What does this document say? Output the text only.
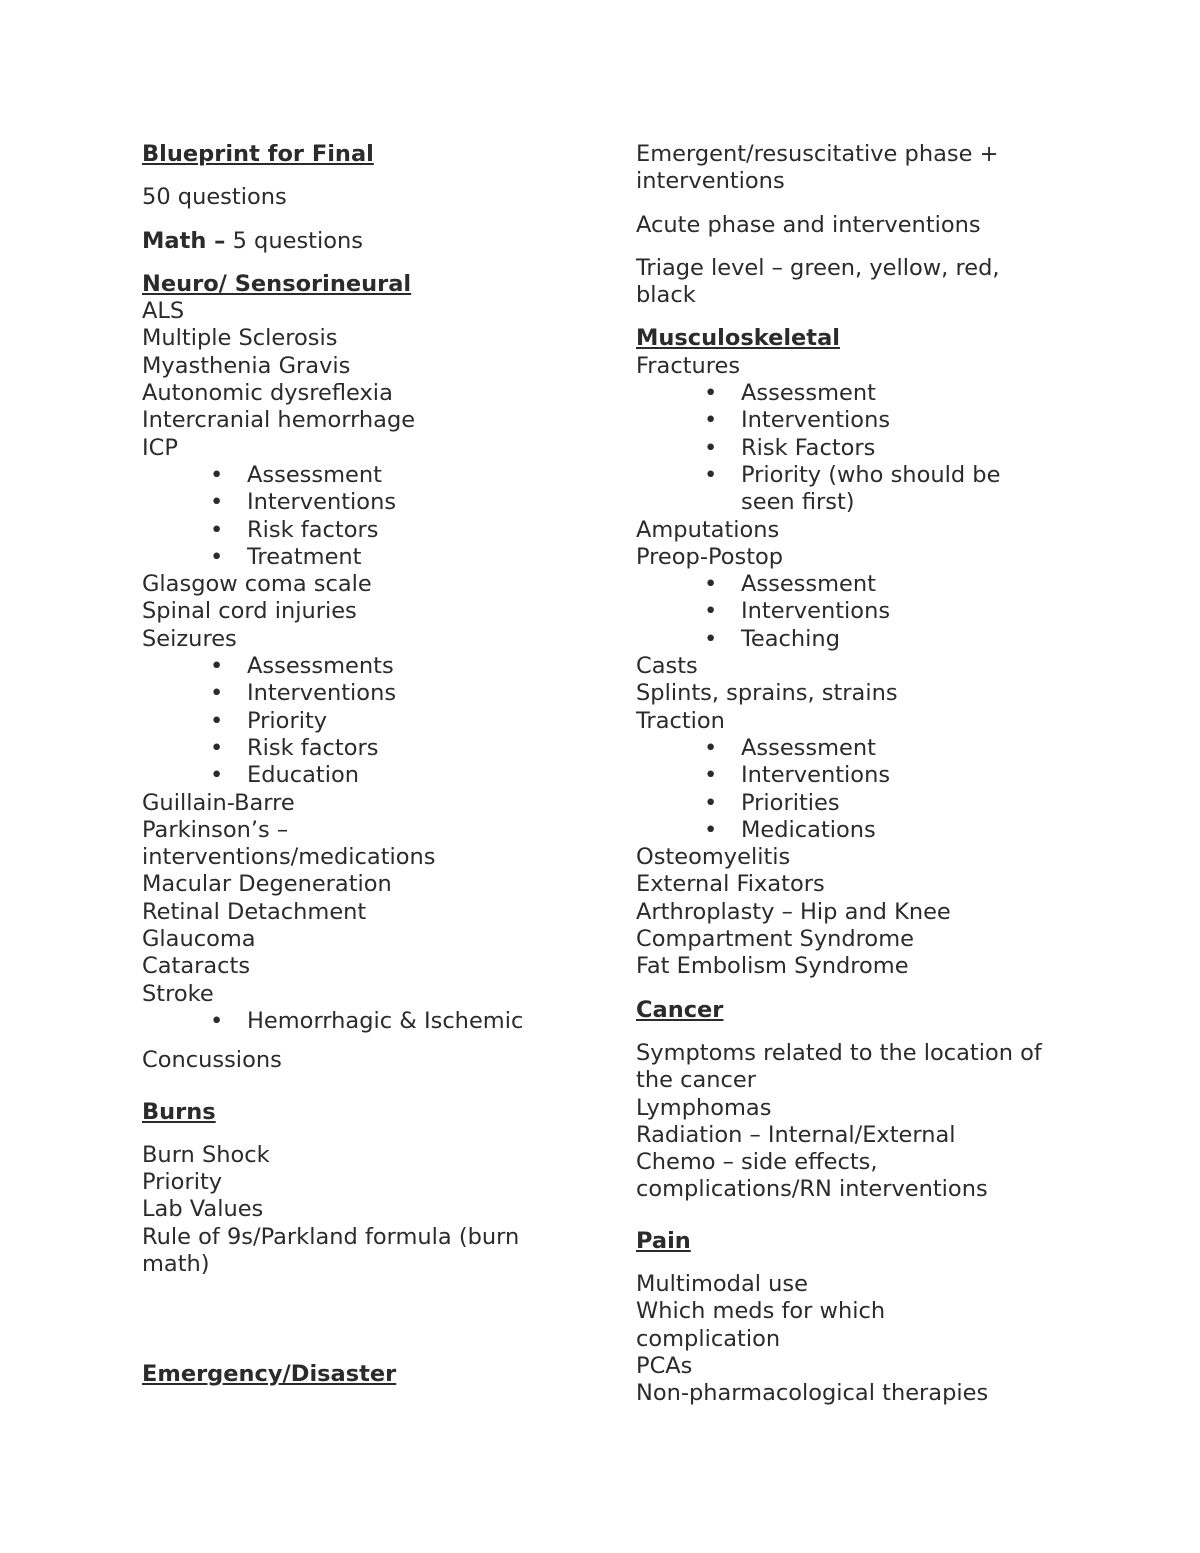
Blueprint for Final
50 questions
Math – 5 questions
Neuro/ Sensorineural
ALS
Multiple Sclerosis
Myasthenia Gravis
Autonomic dysreflexia
Intercranial hemorrhage
ICP
• Assessment
• Interventions
• Risk factors
• Treatment
Glasgow coma scale
Spinal cord injuries
Seizures
• Assessments
• Interventions
• Priority
• Risk factors
• Education
Guillain-Barre
Parkinson’s – interventions/medications
Macular Degeneration
Retinal Detachment
Glaucoma
Cataracts
Stroke
• Hemorrhagic & Ischemic
Concussions
Burns
Burn Shock
Priority
Lab Values
Rule of 9s/Parkland formula (burn math)
Emergency/Disaster
Emergent/resuscitative phase + interventions
Acute phase and interventions
Triage level – green, yellow, red, black
Musculoskeletal
Fractures
• Assessment
• Interventions
• Risk Factors
• Priority (who should be seen first)
Amputations
Preop-Postop
• Assessment
• Interventions
• Teaching
Casts
Splints, sprains, strains
Traction
• Assessment
• Interventions
• Priorities
• Medications
Osteomyelitis
External Fixators
Arthroplasty – Hip and Knee
Compartment Syndrome
Fat Embolism Syndrome
Cancer
Symptoms related to the location of the cancer
Lymphomas
Radiation – Internal/External
Chemo – side effects, complications/RN interventions
Pain
Multimodal use
Which meds for which complication
PCAs
Non-pharmacological therapies
